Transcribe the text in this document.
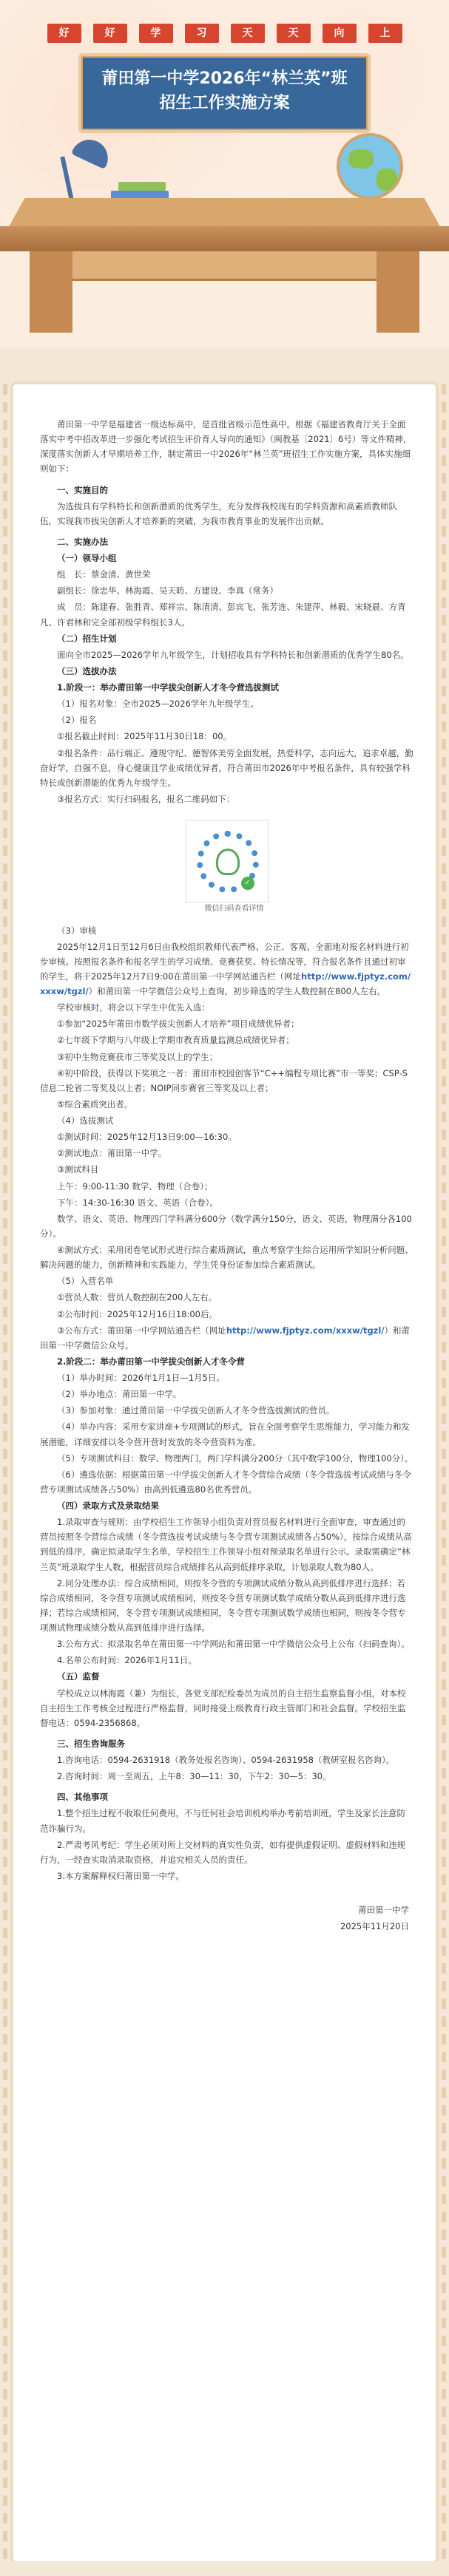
好	好	学	习	天	天	向	上
莆田第一中学2026年“林兰英”班
招生工作实施方案

莆田第一中学是福建省一级达标高中，是首批省级示范性高中。根据《福建省教育厅关于全面落实中考中招改革进一步强化考试招生评价育人导向的通知》（闽教基〔2021〕6号）等文件精神，深度落实创新人才早期培养工作，制定莆田一中2026年“林兰英”班招生工作实施方案，具体实施细则如下：

一、实施目的

为选拔具有学科特长和创新潜质的优秀学生，充分发挥我校现有的学科资源和高素质教师队伍，实现我市拔尖创新人才培养新的突破，为我市教育事业的发展作出贡献。

二、实施办法

（一）领导小组

组　长：蔡金清、黄世荣

副组长：徐忠华、林海霞、吴天昉、方建设、李真（常务）

成　员：陈建春、张胜青、郑祥宗、陈清清、彭宾飞、张芳连、朱建萍、林毅、宋晓晨、方青凡、许君林和完全部初级学科组长3人。

（二）招生计划

面向全市2025—2026学年九年级学生，计划招收具有学科特长和创新潜质的优秀学生80名。

（三）选拔办法

1.阶段一：举办莆田第一中学拔尖创新人才冬令营选拔测试

（1）报名对象：全市2025—2026学年九年级学生。

（2）报名

①报名截止时间：2025年11月30日18：00。

②报名条件：品行端正、遵规守纪、德智体美劳全面发展，热爱科学，志向远大，追求卓越，勤奋好学，自强不息，身心健康且学业成绩优异者，符合莆田市2026年中考报名条件，具有较强学科特长或创新潜能的优秀九年级学生。

③报名方式：实行扫码报名，报名二维码如下：

✓

微信扫码查看详情

（3）审核

2025年12月1日至12月6日由我校组织教师代表严格、公正、客观、全面地对报名材料进行初步审核。按照报名条件和报名学生的学习成绩、竞赛获奖、特长情况等，符合报名条件且通过初审的学生，将于2025年12月7日9:00在莆田第一中学网站通告栏（网址http://www.fjptyz.com/xxxw/tgzl/）和莆田第一中学微信公众号上查询，初步筛选的学生人数控制在800人左右。

学校审核时，将会以下学生中优先入选：

①参加“2025年莆田市数学拔尖创新人才培养”项目成绩优异者；

②七年级下学期与八年级上学期市教育质量监测总成绩优异者；

③初中生物竞赛获市三等奖及以上的学生；

④初中阶段，获得以下奖项之一者：莆田市校园创客节“C++编程专项比赛”市一等奖；CSP-S信息二轮省二等奖及以上者；NOIP同步赛省三等奖及以上者；

⑤综合素质突出者。

（4）选拔测试

①测试时间：2025年12月13日9:00—16:30。

②测试地点：莆田第一中学。

③测试科目

上午：9:00-11:30 数学、物理（合卷）；

下午：14:30-16:30 语文、英语（合卷）。

数学、语文、英语、物理四门学科满分600分（数学满分150分，语文、英语，物理满分各100分）。

④测试方式：采用闭卷笔试形式进行综合素质测试，重点考察学生综合运用所学知识分析问题、解决问题的能力，创新精神和实践能力，学生凭身份证参加综合素质测试。

（5）入营名单

①营员人数：营员人数控制在200人左右。

②公布时间：2025年12月16日18:00后。

③公布方式：莆田第一中学网站通告栏（网址http://www.fjptyz.com/xxxw/tgzl/）和莆田第一中学微信公众号。

2.阶段二：举办莆田第一中学拔尖创新人才冬令营

（1）举办时间：2026年1月1日—1月5日。

（2）举办地点：莆田第一中学。

（3）参加对象：通过莆田第一中学拔尖创新人才冬令营选拔测试的营员。

（4）举办内容：采用专家讲座+专项测试的形式，旨在全面考察学生思维能力，学习能力和发展潜能，详细安排以冬令营开营时发放的冬令营资料为准。

（5）专项测试科目：数学、物理两门，两门学科满分200分（其中数学100分，物理100分）。

（6）遴选依据：根据莆田第一中学拔尖创新人才冬令营综合成绩（冬令营选拔考试成绩与冬令营专项测试成绩各占50%）由高到低遴选80名优秀营员。

（四）录取方式及录取结果

1.录取审查与规则：由学校招生工作领导小组负责对营员报名材料进行全面审查，审查通过的营员按照冬令营综合成绩（冬令营选拔考试成绩与冬令营专项测试成绩各占50%），按综合成绩从高到低的排序，确定拟录取学生名单，学校招生工作领导小组对预录取名单进行公示。录取需确定“林兰英”班录取学生人数，根据营员综合成绩排名从高到低排序录取，计划录取人数为80人。

2.同分处理办法：综合成绩相同，则按冬令营的专项测试成绩分数从高到低排序进行选择；若综合成绩相同，冬令营专项测试成绩相同，则按冬令营专项测试数学成绩分数从高到低排序进行选择；若综合成绩相同，冬令营专项测试成绩相同，冬令营专项测试数学成绩也相同，则按冬令营专项测试物理成绩分数从高到低排序进行选择。

3.公布方式：拟录取名单在莆田第一中学网站和莆田第一中学微信公众号上公布（扫码查询）。

4.名单公布时间：2026年1月11日。

（五）监督

学校成立以林海霞（兼）为组长，各党支部纪检委员为成员的自主招生监察监督小组，对本校自主招生工作考核全过程进行严格监督，同时接受上级教育行政主管部门和社会监督。学校招生监督电话：0594-2356868。

三、招生咨询服务

1.咨询电话：0594-2631918（教务处报名咨询）、0594-2631958（教研室报名咨询）。

2.咨询时间：周一至周五，上午8：30—11：30，下午2：30—5：30。

四、其他事项

1.整个招生过程不收取任何费用，不与任何社会培训机构举办考前培训班，学生及家长注意防范诈骗行为。

2.严肃考风考纪：学生必须对所上交材料的真实性负责，如有提供虚假证明、虚假材料和违规行为，一经查实取消录取资格，并追究相关人员的责任。

3.本方案解释权归莆田第一中学。

莆田第一中学
2025年11月20日
